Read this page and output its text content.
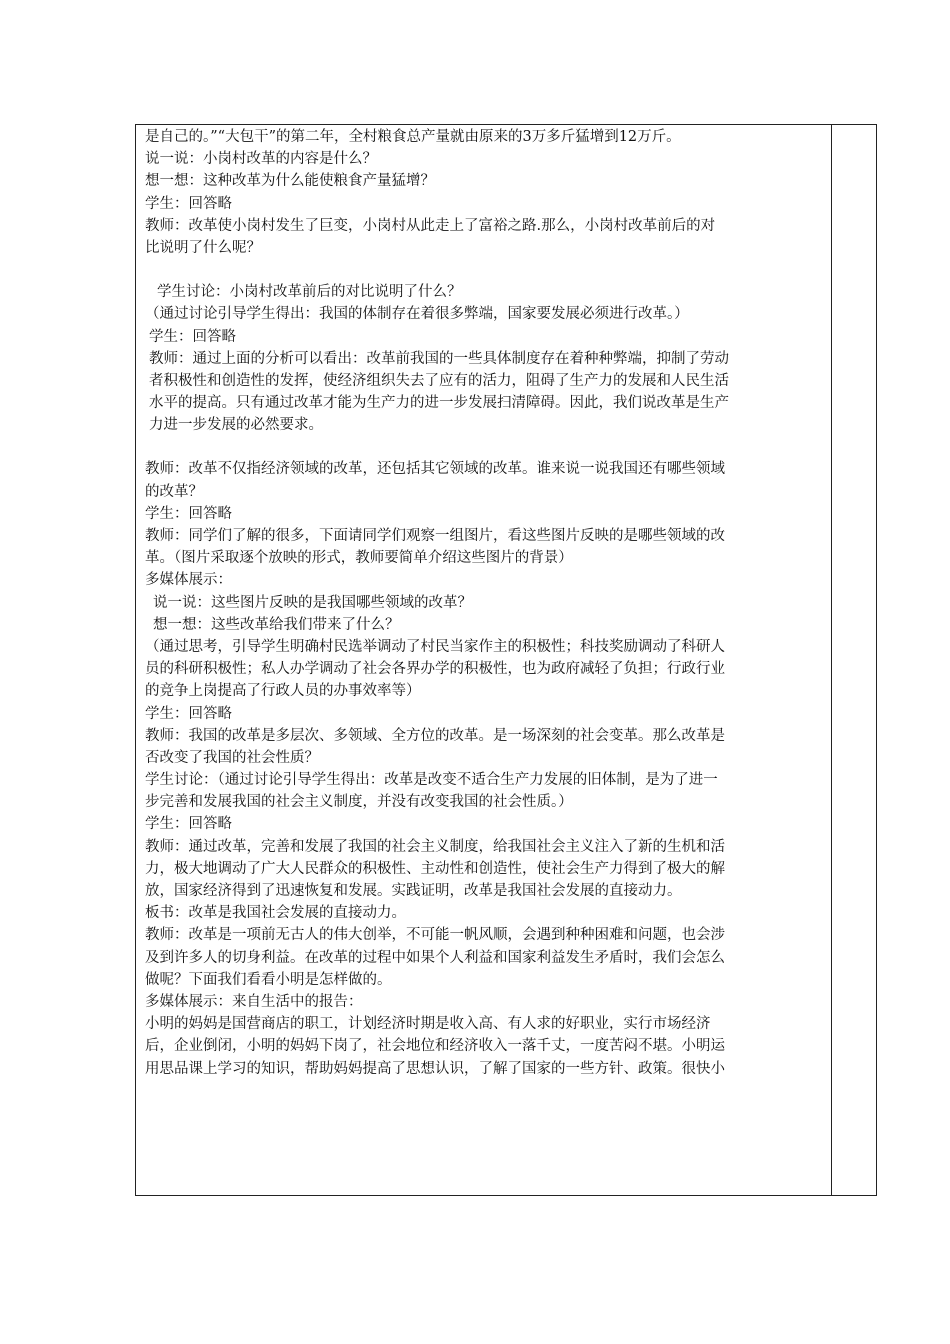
是自己的。”“大包干”的第二年，全村粮食总产量就由原来的3万多斤猛增到12万斤。
说一说：小岗村改革的内容是什么？
想一想：这种改革为什么能使粮食产量猛增？
学生：回答略
教师：改革使小岗村发生了巨变，小岗村从此走上了富裕之路.那么，小岗村改革前后的对
比说明了什么呢？
学生讨论：小岗村改革前后的对比说明了什么？
（通过讨论引导学生得出：我国的体制存在着很多弊端，国家要发展必须进行改革。）
学生：回答略
教师：通过上面的分析可以看出：改革前我国的一些具体制度存在着种种弊端，抑制了劳动
者积极性和创造性的发挥，使经济组织失去了应有的活力，阻碍了生产力的发展和人民生活
水平的提高。只有通过改革才能为生产力的进一步发展扫清障碍。因此，我们说改革是生产
力进一步发展的必然要求。
教师：改革不仅指经济领域的改革，还包括其它领域的改革。谁来说一说我国还有哪些领域
的改革？
学生：回答略
教师：同学们了解的很多，下面请同学们观察一组图片，看这些图片反映的是哪些领域的改
革。（图片采取逐个放映的形式，教师要简单介绍这些图片的背景）
多媒体展示：
说一说：这些图片反映的是我国哪些领域的改革？
想一想：这些改革给我们带来了什么？
（通过思考，引导学生明确村民选举调动了村民当家作主的积极性；科技奖励调动了科研人
员的科研积极性；私人办学调动了社会各界办学的积极性，也为政府减轻了负担；行政行业
的竞争上岗提高了行政人员的办事效率等）
学生：回答略
教师：我国的改革是多层次、多领域、全方位的改革。是一场深刻的社会变革。那么改革是
否改变了我国的社会性质？
学生讨论：（通过讨论引导学生得出：改革是改变不适合生产力发展的旧体制，是为了进一
步完善和发展我国的社会主义制度，并没有改变我国的社会性质。）
学生：回答略
教师：通过改革，完善和发展了我国的社会主义制度，给我国社会主义注入了新的生机和活
力，极大地调动了广大人民群众的积极性、主动性和创造性，使社会生产力得到了极大的解
放，国家经济得到了迅速恢复和发展。实践证明，改革是我国社会发展的直接动力。
板书：改革是我国社会发展的直接动力。
教师：改革是一项前无古人的伟大创举，不可能一帆风顺，会遇到种种困难和问题，也会涉
及到许多人的切身利益。在改革的过程中如果个人利益和国家利益发生矛盾时，我们会怎么
做呢？下面我们看看小明是怎样做的。
多媒体展示：来自生活中的报告：
小明的妈妈是国营商店的职工，计划经济时期是收入高、有人求的好职业，实行市场经济
后，企业倒闭，小明的妈妈下岗了，社会地位和经济收入一落千丈，一度苦闷不堪。小明运
用思品课上学习的知识，帮助妈妈提高了思想认识，了解了国家的一些方针、政策。很快小
